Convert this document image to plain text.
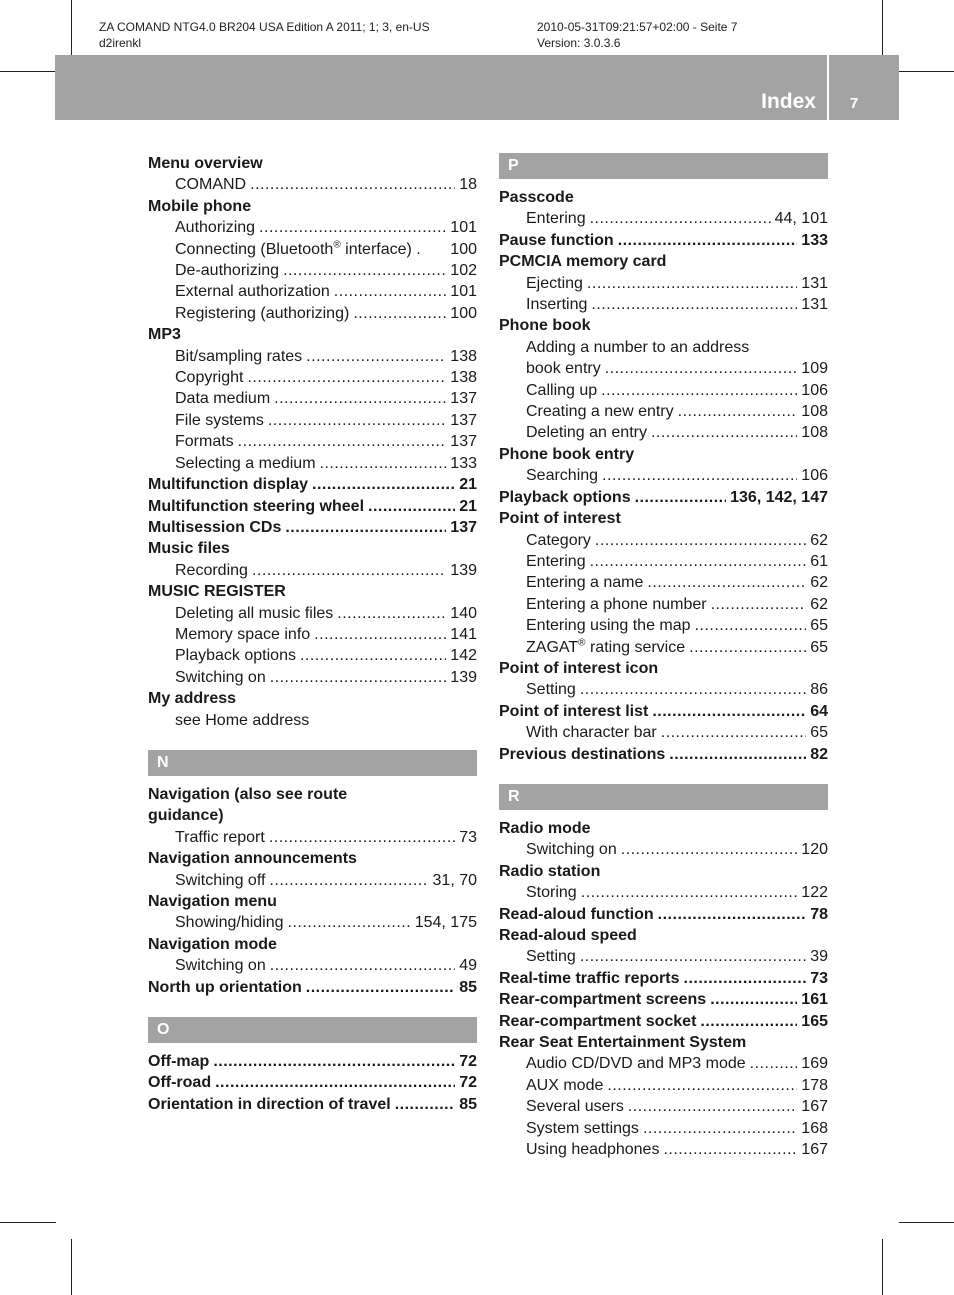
ZA COMAND NTG4.0 BR204 USA Edition A 2011; 1; 3, en-US
d2irenkl
2010-05-31T09:21:57+02:00 - Seite 7
Version: 3.0.3.6
Index 7
Menu overview
COMAND .....	18
Mobile phone
Authorizing .....	101
Connecting (Bluetooth® interface) . 100
De-authorizing .....	102
External authorization .....	101
Registering (authorizing) .....	100
MP3
Bit/sampling rates .....	138
Copyright .....	138
Data medium .....	137
File systems .....	137
Formats .....	137
Selecting a medium .....	133
Multifunction display .....	21
Multifunction steering wheel .....	21
Multisession CDs .....	137
Music files
Recording .....	139
MUSIC REGISTER
Deleting all music files .....	140
Memory space info .....	141
Playback options .....	142
Switching on .....	139
My address
see Home address
N
Navigation (also see route
guidance)
Traffic report .....	73
Navigation announcements
Switching off .....	31, 70
Navigation menu
Showing/hiding .....	154, 175
Navigation mode
Switching on .....	49
North up orientation .....	85
O
Off-map .....	72
Off-road .....	72
Orientation in direction of travel .....	85
P
Passcode
Entering .....	44, 101
Pause function .....	133
PCMCIA memory card
Ejecting .....	131
Inserting .....	131
Phone book
Adding a number to an address
book entry .....	109
Calling up .....	106
Creating a new entry .....	108
Deleting an entry .....	108
Phone book entry
Searching .....	106
Playback options .....	136, 142, 147
Point of interest
Category .....	62
Entering .....	61
Entering a name .....	62
Entering a phone number .....	62
Entering using the map .....	65
ZAGAT® rating service .....	65
Point of interest icon
Setting .....	86
Point of interest list .....	64
With character bar .....	65
Previous destinations .....	82
R
Radio mode
Switching on .....	120
Radio station
Storing .....	122
Read-aloud function .....	78
Read-aloud speed
Setting .....	39
Real-time traffic reports .....	73
Rear-compartment screens .....	161
Rear-compartment socket .....	165
Rear Seat Entertainment System
Audio CD/DVD and MP3 mode .....	169
AUX mode .....	178
Several users .....	167
System settings .....	168
Using headphones .....	167
